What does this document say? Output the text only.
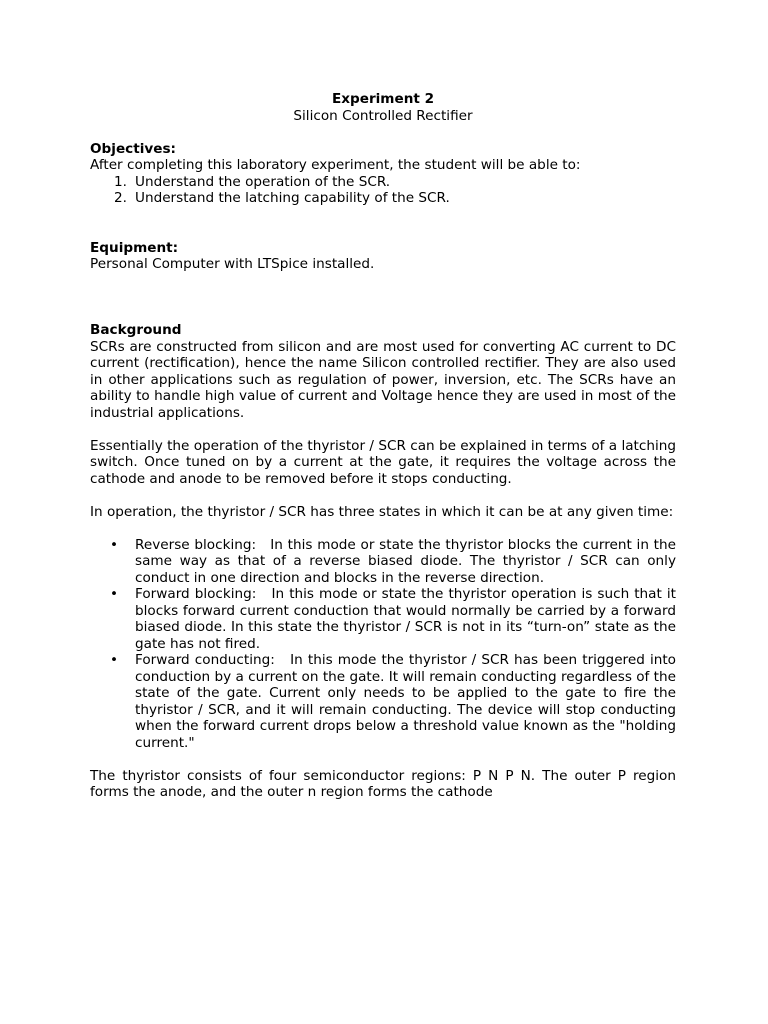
Experiment 2

Silicon Controlled Rectifier

Objectives:

After completing this laboratory experiment, the student will be able to:

1. Understand the operation of the SCR.
2. Understand the latching capability of the SCR.

Equipment:

Personal Computer with LTSpice installed.

Background

SCRs are constructed from silicon and are most used for converting AC current to DC current (rectification), hence the name Silicon controlled rectifier. They are also used in other applications such as regulation of power, inversion, etc. The SCRs have an ability to handle high value of current and Voltage hence they are used in most of the industrial applications.

Essentially the operation of the thyristor / SCR can be explained in terms of a latching switch. Once tuned on by a current at the gate, it requires the voltage across the cathode and anode to be removed before it stops conducting.

In operation, the thyristor / SCR has three states in which it can be at any given time:

•	Reverse blocking:   In this mode or state the thyristor blocks the current in the same way as that of a reverse biased diode. The thyristor / SCR can only conduct in one direction and blocks in the reverse direction.
•	Forward blocking:   In this mode or state the thyristor operation is such that it blocks forward current conduction that would normally be carried by a forward biased diode. In this state the thyristor / SCR is not in its “turn-on” state as the gate has not fired.
•	Forward conducting:   In this mode the thyristor / SCR has been triggered into conduction by a current on the gate. It will remain conducting regardless of the state of the gate. Current only needs to be applied to the gate to fire the thyristor / SCR, and it will remain conducting. The device will stop conducting when the forward current drops below a threshold value known as the "holding current."

The thyristor consists of four semiconductor regions: P N P N. The outer P region forms the anode, and the outer n region forms the cathode
